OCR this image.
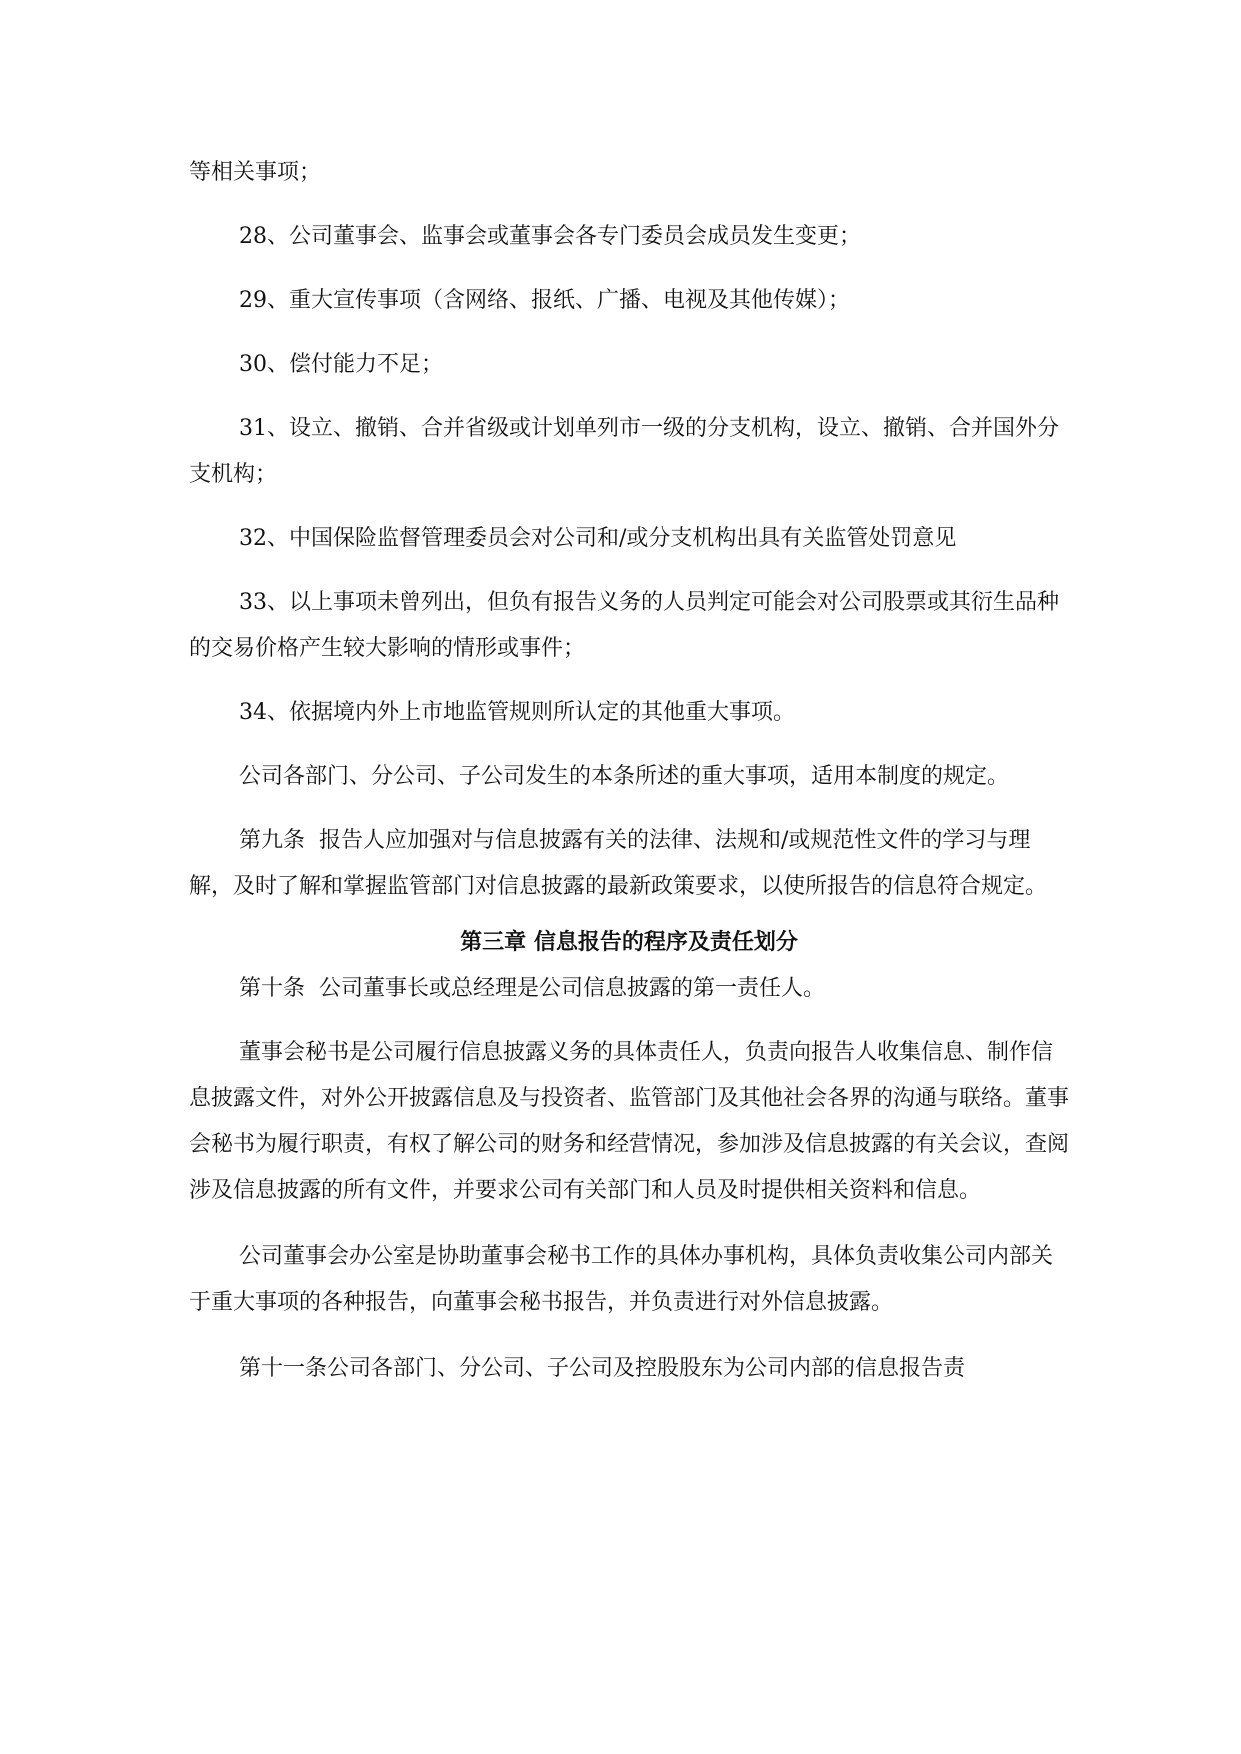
等相关事项；

28、公司董事会、监事会或董事会各专门委员会成员发生变更；

29、重大宣传事项（含网络、报纸、广播、电视及其他传媒）；

30、偿付能力不足；

31、设立、撤销、合并省级或计划单列市一级的分支机构，设立、撤销、合并国外分支机构；

32、中国保险监督管理委员会对公司和/或分支机构出具有关监管处罚意见

33、以上事项未曾列出，但负有报告义务的人员判定可能会对公司股票或其衍生品种的交易价格产生较大影响的情形或事件；

34、依据境内外上市地监管规则所认定的其他重大事项。

公司各部门、分公司、子公司发生的本条所述的重大事项，适用本制度的规定。

第九条  报告人应加强对与信息披露有关的法律、法规和/或规范性文件的学习与理解，及时了解和掌握监管部门对信息披露的最新政策要求，以使所报告的信息符合规定。

第三章 信息报告的程序及责任划分

第十条  公司董事长或总经理是公司信息披露的第一责任人。

董事会秘书是公司履行信息披露义务的具体责任人，负责向报告人收集信息、制作信息披露文件，对外公开披露信息及与投资者、监管部门及其他社会各界的沟通与联络。董事会秘书为履行职责，有权了解公司的财务和经营情况，参加涉及信息披露的有关会议，查阅涉及信息披露的所有文件，并要求公司有关部门和人员及时提供相关资料和信息。

公司董事会办公室是协助董事会秘书工作的具体办事机构，具体负责收集公司内部关于重大事项的各种报告，向董事会秘书报告，并负责进行对外信息披露。

第十一条公司各部门、分公司、子公司及控股股东为公司内部的信息报告责
